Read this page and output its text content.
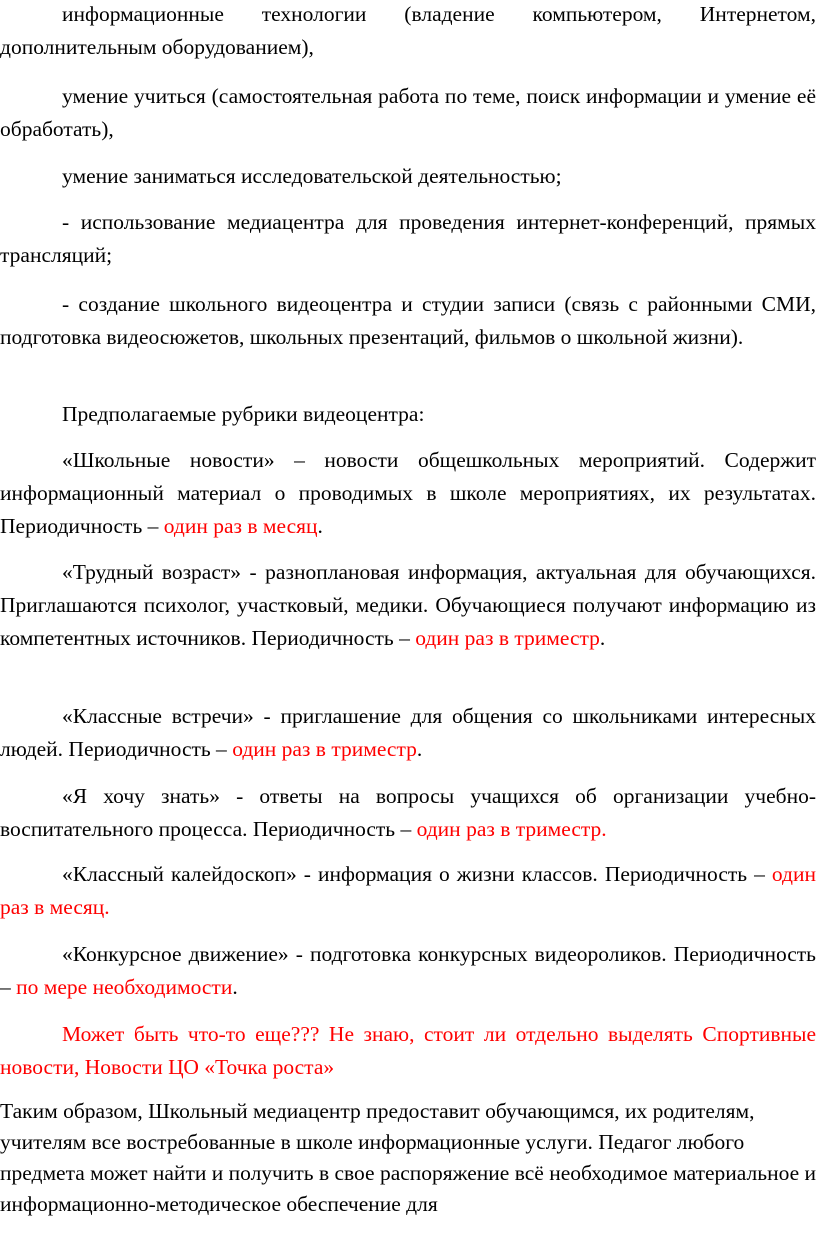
информационные технологии (владение компьютером, Интернетом, дополнительным оборудованием),

умение учиться (самостоятельная работа по теме, поиск информации и умение её обработать),

умение заниматься исследовательской деятельностью;

- использование медиацентра для проведения интернет-конференций, прямых трансляций;

- создание школьного видеоцентра и студии записи (связь с районными СМИ, подготовка видеосюжетов, школьных презентаций, фильмов о школьной жизни).

Предполагаемые рубрики видеоцентра:

«Школьные новости» – новости общешкольных мероприятий. Содержит информационный материал о проводимых в школе мероприятиях, их результатах. Периодичность – один раз в месяц.

«Трудный возраст» - разноплановая информация, актуальная для обучающихся. Приглашаются психолог, участковый, медики. Обучающиеся получают информацию из компетентных источников. Периодичность – один раз в триместр.

«Классные встречи» - приглашение для общения со школьниками интересных людей. Периодичность – один раз в триместр.

«Я хочу знать» - ответы на вопросы учащихся об организации учебно-воспитательного процесса. Периодичность – один раз в триместр.

«Классный калейдоскоп» - информация о жизни классов. Периодичность – один раз в месяц.

«Конкурсное движение» - подготовка конкурсных видеороликов. Периодичность – по мере необходимости.

Может быть что-то еще??? Не знаю, стоит ли отдельно выделять Спортивные новости, Новости ЦО «Точка роста»

Таким образом, Школьный медиацентр предоставит обучающимся, их родителям, учителям все востребованные в школе информационные услуги. Педагог любого предмета может найти и получить в свое распоряжение всё необходимое материальное и информационно-методическое обеспечение для
